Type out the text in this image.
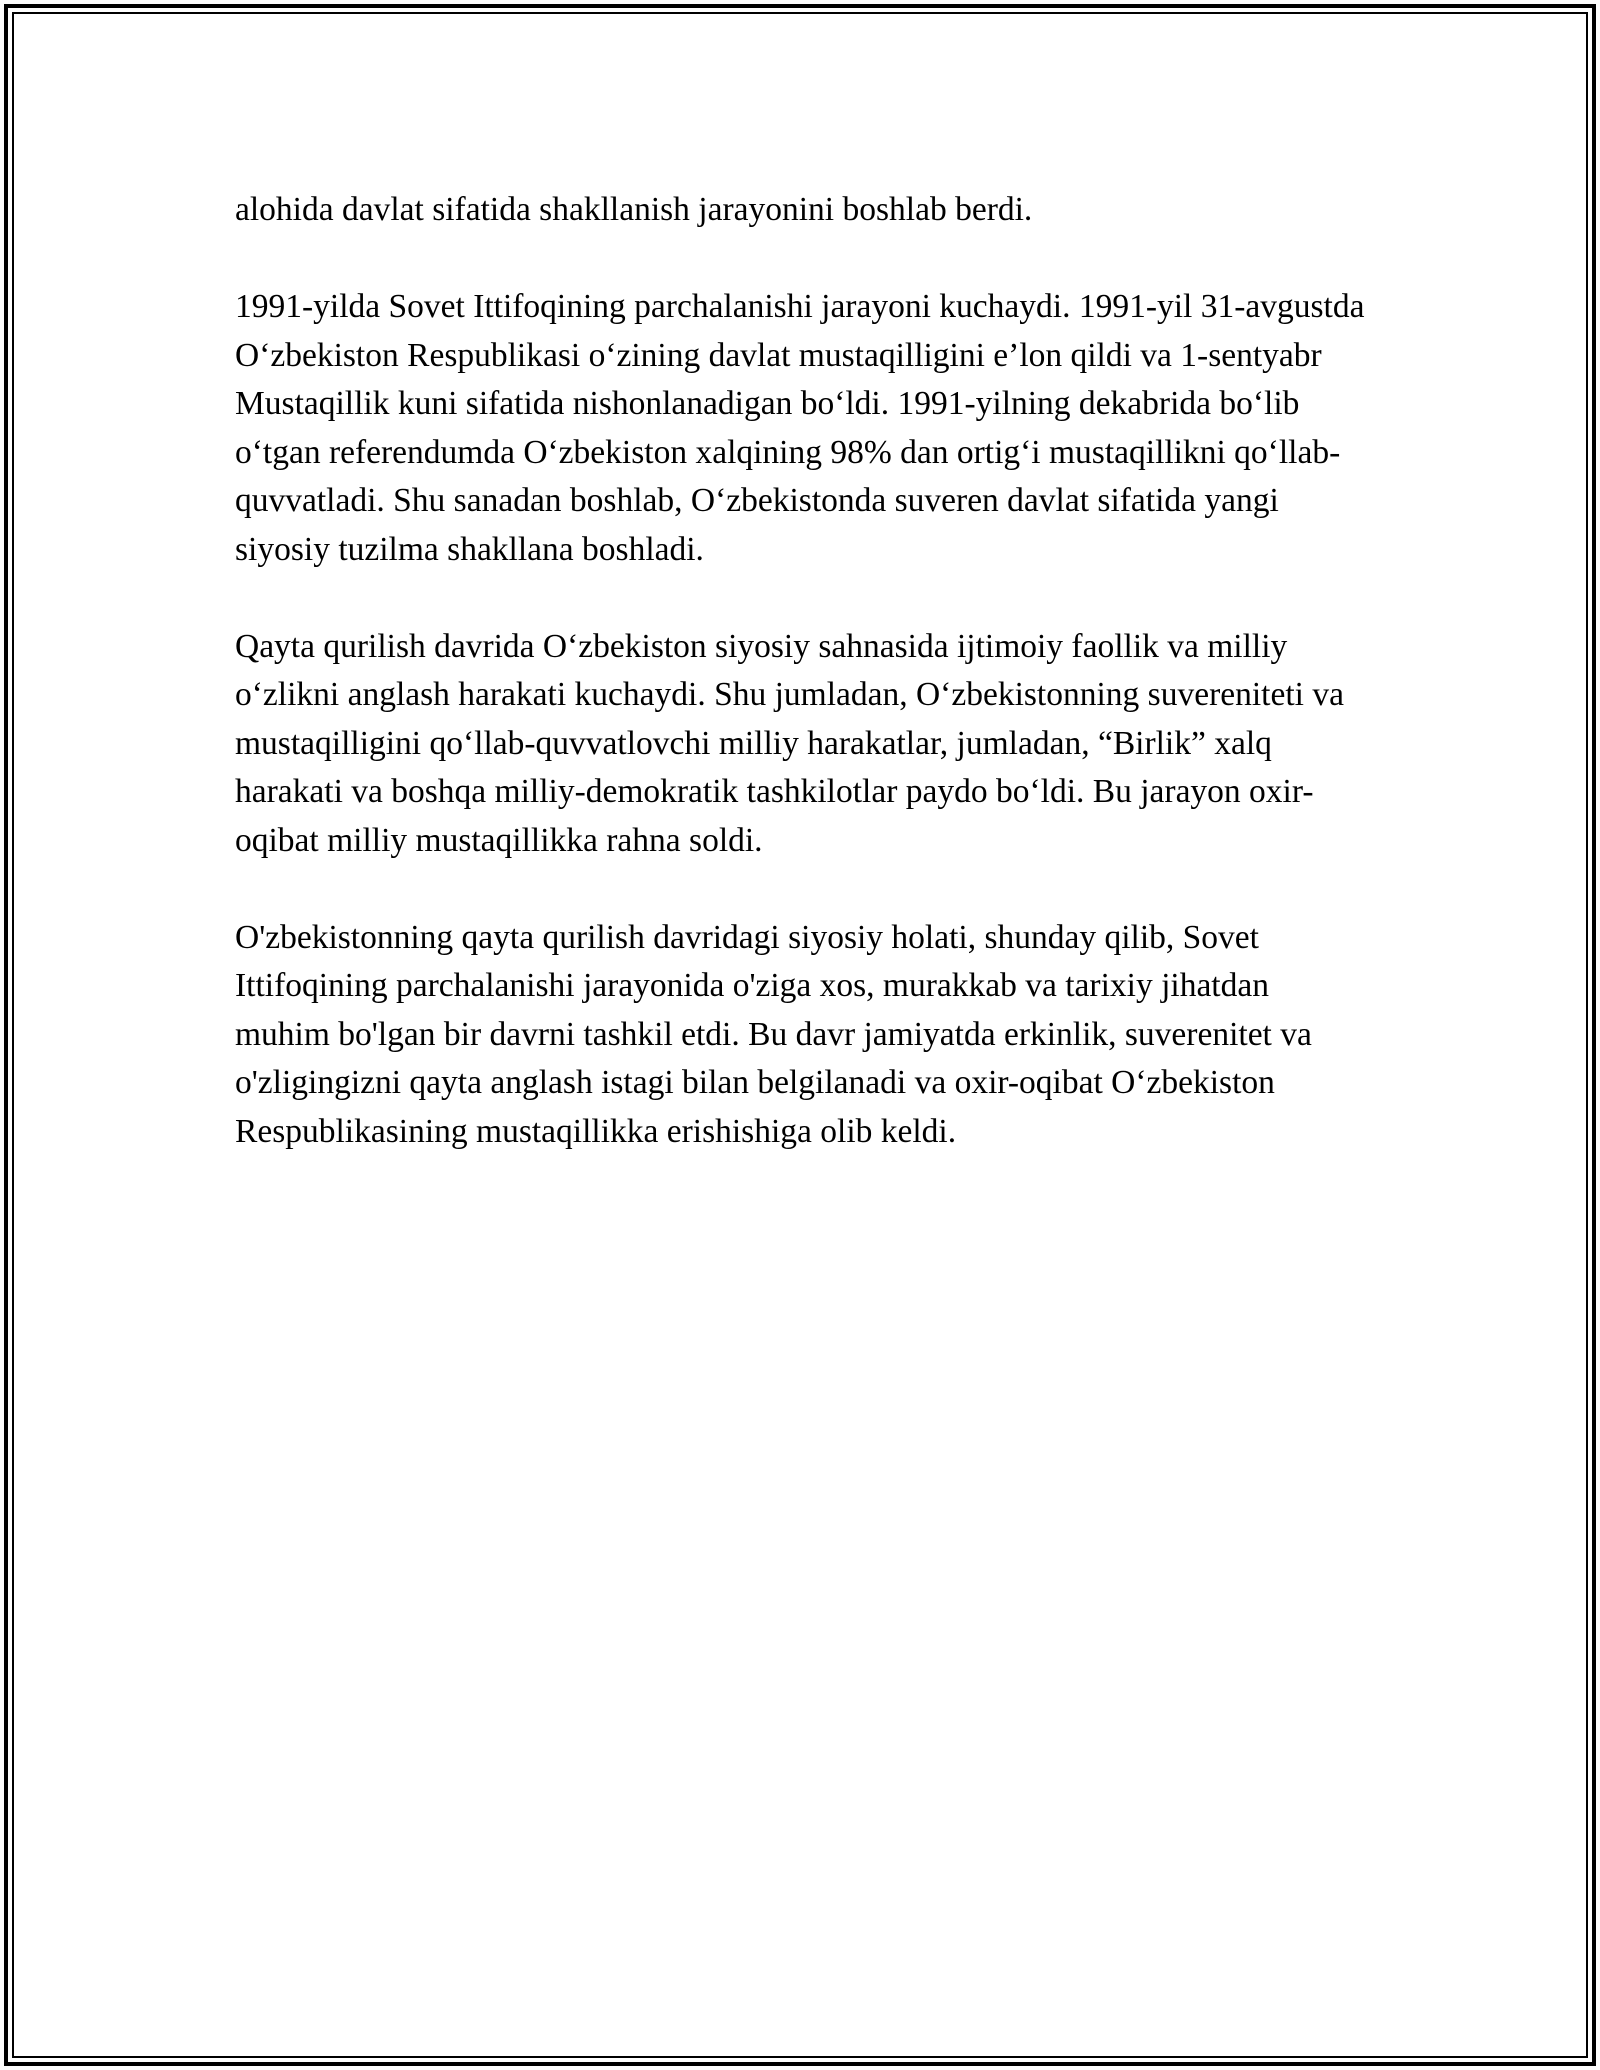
alohida davlat sifatida shakllanish jarayonini boshlab berdi.

1991-yilda Sovet Ittifoqining parchalanishi jarayoni kuchaydi. 1991-yil 31-avgustda O‘zbekiston Respublikasi o‘zining davlat mustaqilligini e’lon qildi va 1-sentyabr Mustaqillik kuni sifatida nishonlanadigan bo‘ldi. 1991-yilning dekabrida bo‘lib o‘tgan referendumda O‘zbekiston xalqining 98% dan ortig‘i mustaqillikni qo‘llab-quvvatladi. Shu sanadan boshlab, O‘zbekistonda suveren davlat sifatida yangi siyosiy tuzilma shakllana boshladi.

Qayta qurilish davrida O‘zbekiston siyosiy sahnasida ijtimoiy faollik va milliy o‘zlikni anglash harakati kuchaydi. Shu jumladan, O‘zbekistonning suvereniteti va mustaqilligini qo‘llab-quvvatlovchi milliy harakatlar, jumladan, “Birlik” xalq harakati va boshqa milliy-demokratik tashkilotlar paydo bo‘ldi. Bu jarayon oxir-oqibat milliy mustaqillikka rahna soldi.

O'zbekistonning qayta qurilish davridagi siyosiy holati, shunday qilib, Sovet Ittifoqining parchalanishi jarayonida o'ziga xos, murakkab va tarixiy jihatdan muhim bo'lgan bir davrni tashkil etdi. Bu davr jamiyatda erkinlik, suverenitet va o'zligingizni qayta anglash istagi bilan belgilanadi va oxir-oqibat O‘zbekiston Respublikasining mustaqillikka erishishiga olib keldi.
